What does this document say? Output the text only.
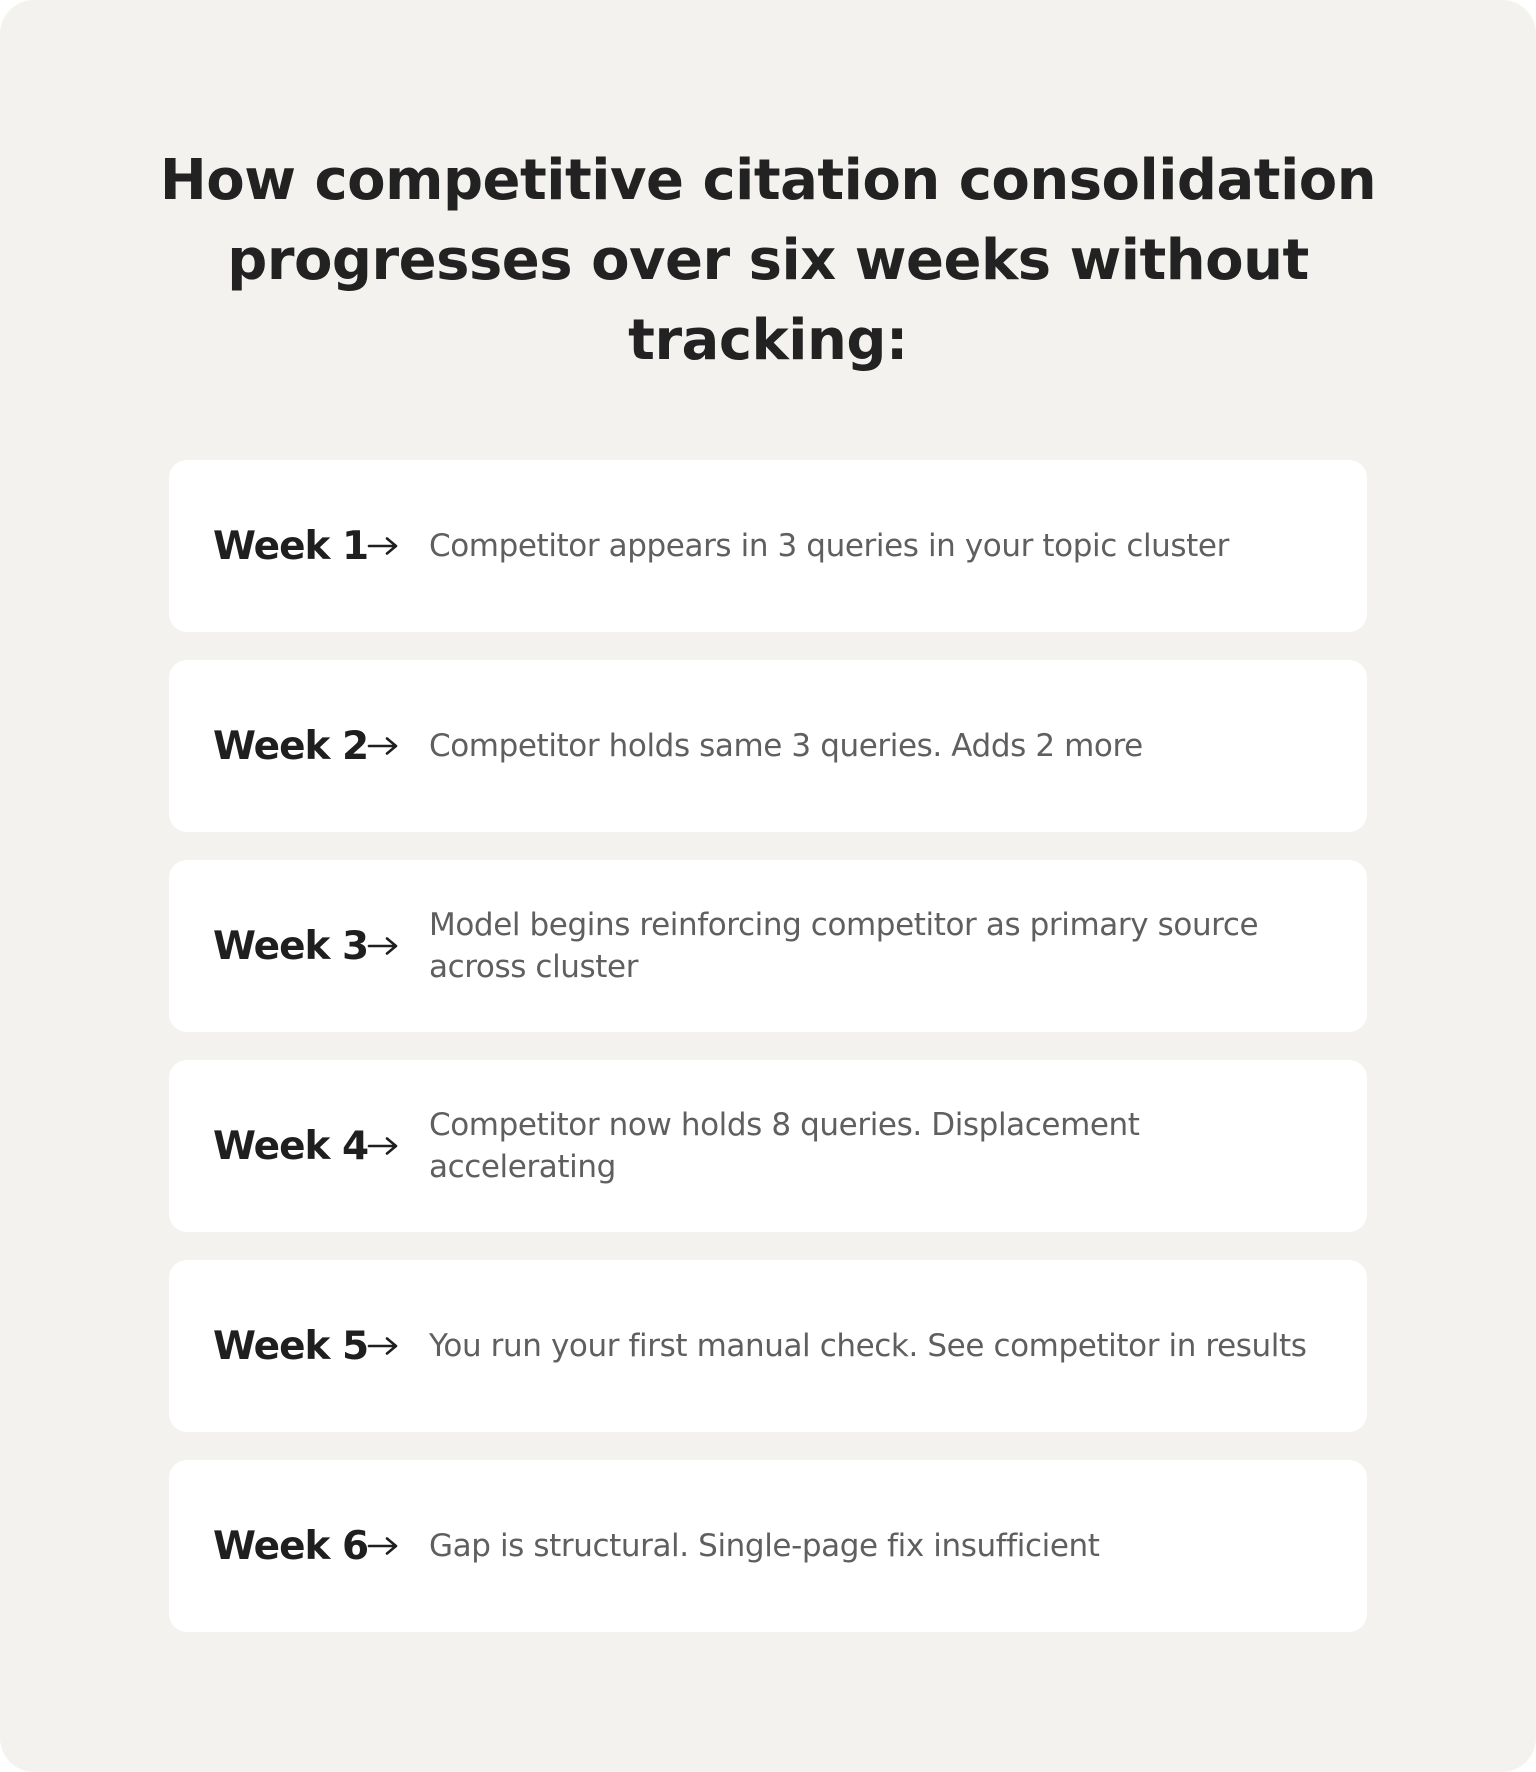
How competitive citation consolidation progresses over six weeks without tracking:
Week 1 Competitor appears in 3 queries in your topic cluster
Week 2 Competitor holds same 3 queries. Adds 2 more
Week 3 Model begins reinforcing competitor as primary source across cluster
Week 4 Competitor now holds 8 queries. Displacement accelerating
Week 5 You run your first manual check. See competitor in results
Week 6 Gap is structural. Single-page fix insufficient
